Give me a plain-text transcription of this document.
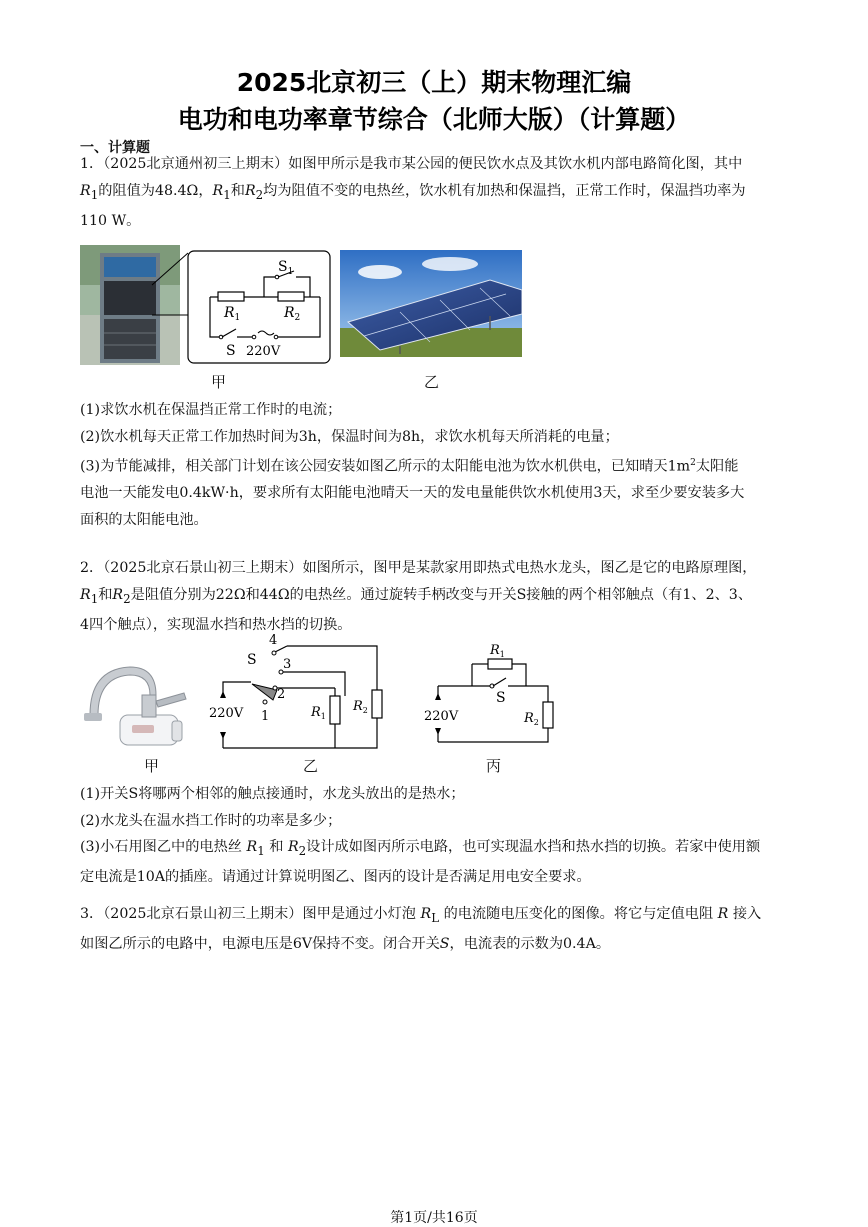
2025北京初三（上）期末物理汇编
电功和电功率章节综合（北师大版）（计算题）
一、计算题
1．（2025北京通州初三上期末）如图甲所示是我市某公园的便民饮水点及其饮水机内部电路简化图，其中
$R_1$的阻值为48.4Ω，$R_1$和$R_2$均为阻值不变的电热丝，饮水机有加热和保温挡，正常工作时，保温挡功率为
110 W。
$S_1$
$R_1$	$R_2$
S 220V
甲	乙
(1)求饮水机在保温挡正常工作时的电流；
(2)饮水机每天正常工作加热时间为3h，保温时间为8h，求饮水机每天所消耗的电量；
(3)为节能减排，相关部门计划在该公园安装如图乙所示的太阳能电池为饮水机供电，已知晴天$1m^2$太阳能
电池一天能发电0.4kW·h，要求所有太阳能电池晴天一天的发电量能供饮水机使用3天，求至少要安装多大
面积的太阳能电池。
2．（2025北京石景山初三上期末）如图所示，图甲是某款家用即热式电热水龙头，图乙是它的电路原理图，
$R_1$和$R_2$是阻值分别为22Ω和44Ω的电热丝。通过旋转手柄改变与开关S接触的两个相邻触点（有1、2、3、
4四个触点），实现温水挡和热水挡的切换。
4
S 3
2
1
220V	$R_1$
$R_2$
$R_1$
S
220V	$R_2$
甲	乙	丙
(1)开关S将哪两个相邻的触点接通时，水龙头放出的是热水；
(2)水龙头在温水挡工作时的功率是多少；
(3)小石用图乙中的电热丝 $R_1$ 和 $R_2$设计成如图丙所示电路，也可实现温水挡和热水挡的切换。若家中使用额
定电流是10A的插座。请通过计算说明图乙、图丙的设计是否满足用电安全要求。
3．（2025北京石景山初三上期末）图甲是通过小灯泡 $R_L$ 的电流随电压变化的图像。将它与定值电阻 R 接入
如图乙所示的电路中，电源电压是6V保持不变。闭合开关S，电流表的示数为0.4A。
第1页/共16页
